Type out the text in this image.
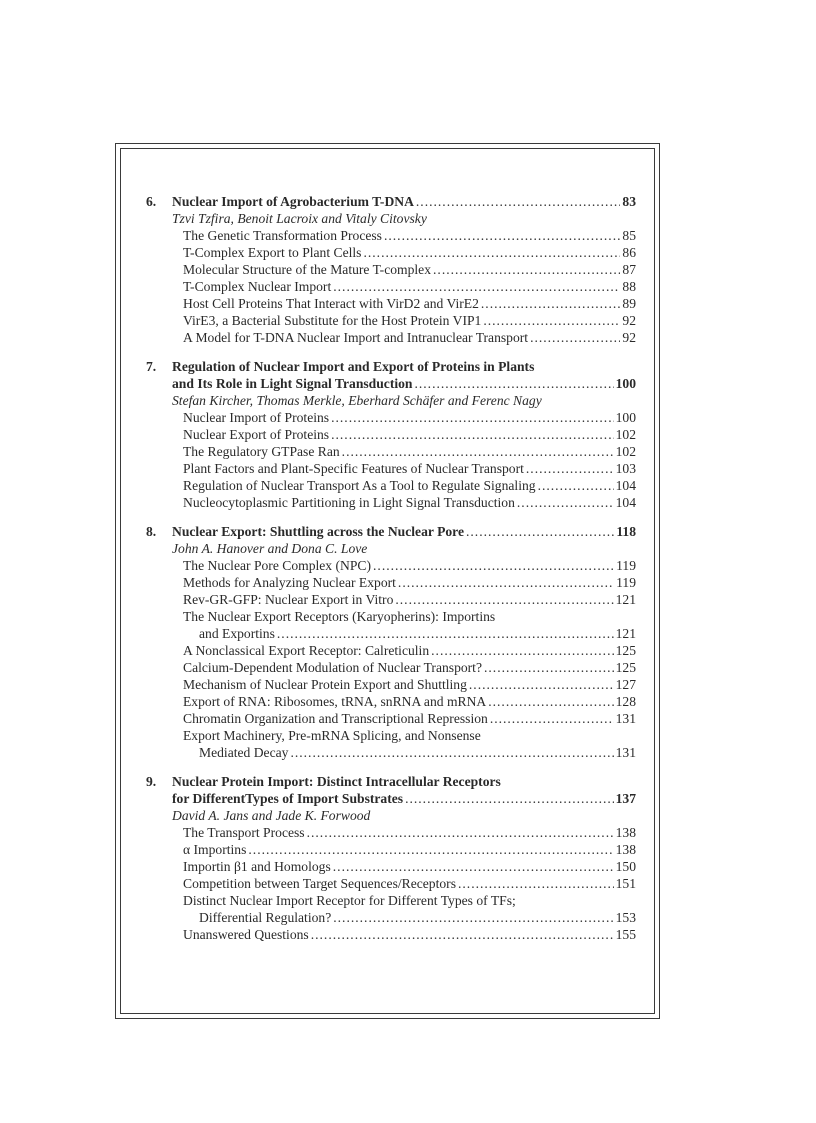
6.	Nuclear Import of Agrobacterium T-DNA .....	83
Tzvi Tzfira, Benoit Lacroix and Vitaly Citovsky
The Genetic Transformation Process .....	85
T-Complex Export to Plant Cells .....	86
Molecular Structure of the Mature T-complex .....	87
T-Complex Nuclear Import .....	88
Host Cell Proteins That Interact with VirD2 and VirE2 .....	89
VirE3, a Bacterial Substitute for the Host Protein VIP1 .....	92
A Model for T-DNA Nuclear Import and Intranuclear Transport .....	92
7.	Regulation of Nuclear Import and Export of Proteins in Plants
and Its Role in Light Signal Transduction .....	100
Stefan Kircher, Thomas Merkle, Eberhard Schäfer and Ferenc Nagy
Nuclear Import of Proteins .....	100
Nuclear Export of Proteins .....	102
The Regulatory GTPase Ran .....	102
Plant Factors and Plant-Specific Features of Nuclear Transport .....	103
Regulation of Nuclear Transport As a Tool to Regulate Signaling .....	104
Nucleocytoplasmic Partitioning in Light Signal Transduction .....	104
8.	Nuclear Export: Shuttling across the Nuclear Pore .....	118
John A. Hanover and Dona C. Love
The Nuclear Pore Complex (NPC) .....	119
Methods for Analyzing Nuclear Export .....	119
Rev-GR-GFP: Nuclear Export in Vitro .....	121
The Nuclear Export Receptors (Karyopherins): Importins
and Exportins .....	121
A Nonclassical Export Receptor: Calreticulin .....	125
Calcium-Dependent Modulation of Nuclear Transport? .....	125
Mechanism of Nuclear Protein Export and Shuttling .....	127
Export of RNA: Ribosomes, tRNA, snRNA and mRNA .....	128
Chromatin Organization and Transcriptional Repression .....	131
Export Machinery, Pre-mRNA Splicing, and Nonsense
Mediated Decay .....	131
9.	Nuclear Protein Import: Distinct Intracellular Receptors
for DifferentTypes of Import Substrates .....	137
David A. Jans and Jade K. Forwood
The Transport Process .....	138
α Importins .....	138
Importin β1 and Homologs .....	150
Competition between Target Sequences/Receptors .....	151
Distinct Nuclear Import Receptor for Different Types of TFs;
Differential Regulation? .....	153
Unanswered Questions .....	155
